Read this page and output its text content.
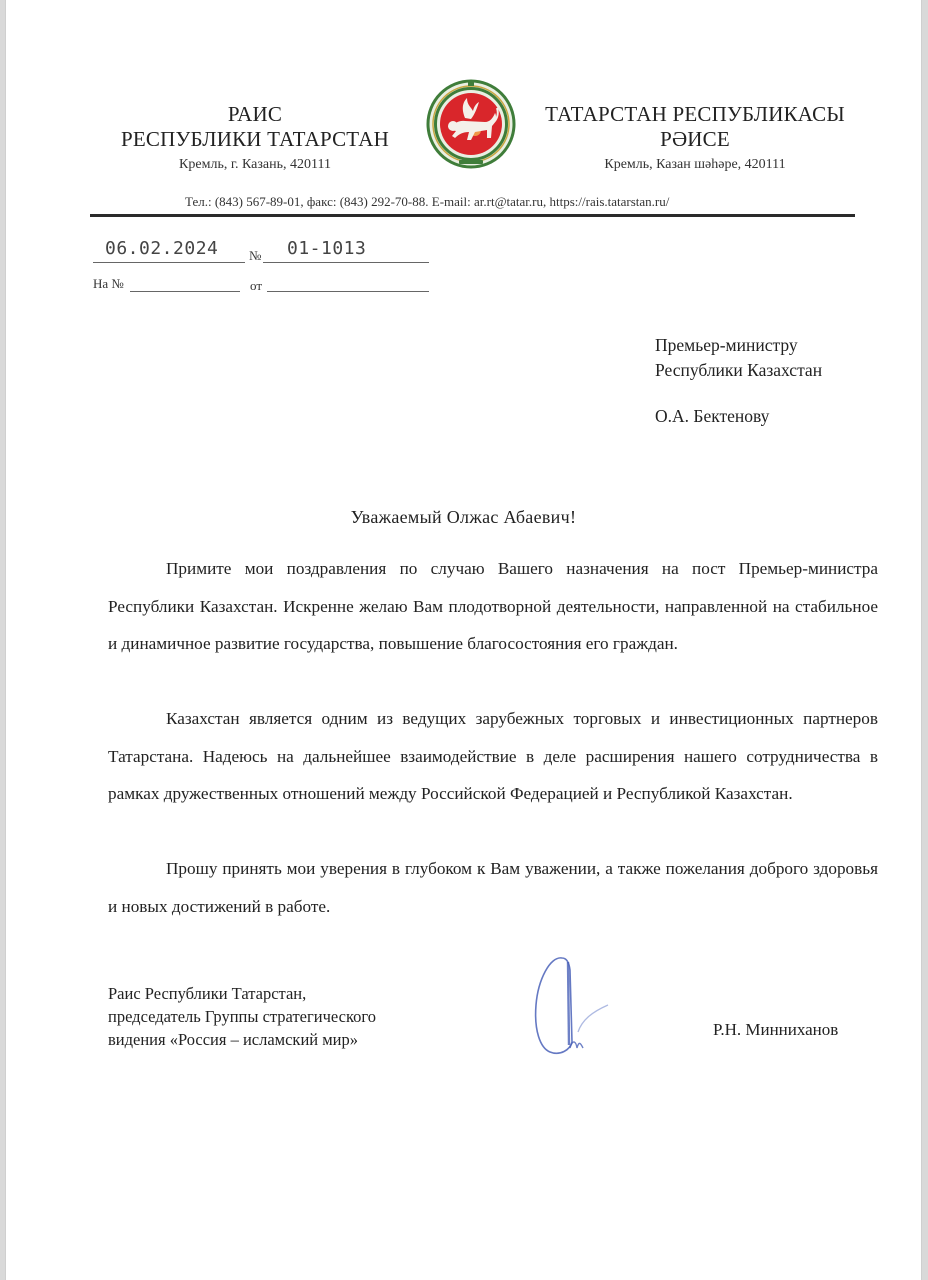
РАИС
РЕСПУБЛИКИ ТАТАРСТАН
Кремль, г. Казань, 420111
ТАТАРСТАН РЕСПУБЛИКАСЫ
РӘИСЕ
Кремль, Казан шәһәре, 420111
Тел.: (843) 567-89-01, факс: (843) 292-70-88. E-mail: ar.rt@tatar.ru, https://rais.tatarstan.ru/
06.02.2024 № 01-1013
На №	от
Премьер-министру
Республики Казахстан
О.А. Бектенову
Уважаемый Олжас Абаевич!

Примите мои поздравления по случаю Вашего назначения на пост Премьер-министра Республики Казахстан. Искренне желаю Вам плодотворной деятельности, направленной на стабильное и динамичное развитие государства, повышение благосостояния его граждан.

Казахстан является одним из ведущих зарубежных торговых и инвестиционных партнеров Татарстана. Надеюсь на дальнейшее взаимодействие в деле расширения нашего сотрудничества в рамках дружественных отношений между Российской Федерацией и Республикой Казахстан.

Прошу принять мои уверения в глубоком к Вам уважении, а также пожелания доброго здоровья и новых достижений в работе.

Раис Республики Татарстан,
председатель Группы стратегического
видения «Россия – исламский мир»
Р.Н. Минниханов
